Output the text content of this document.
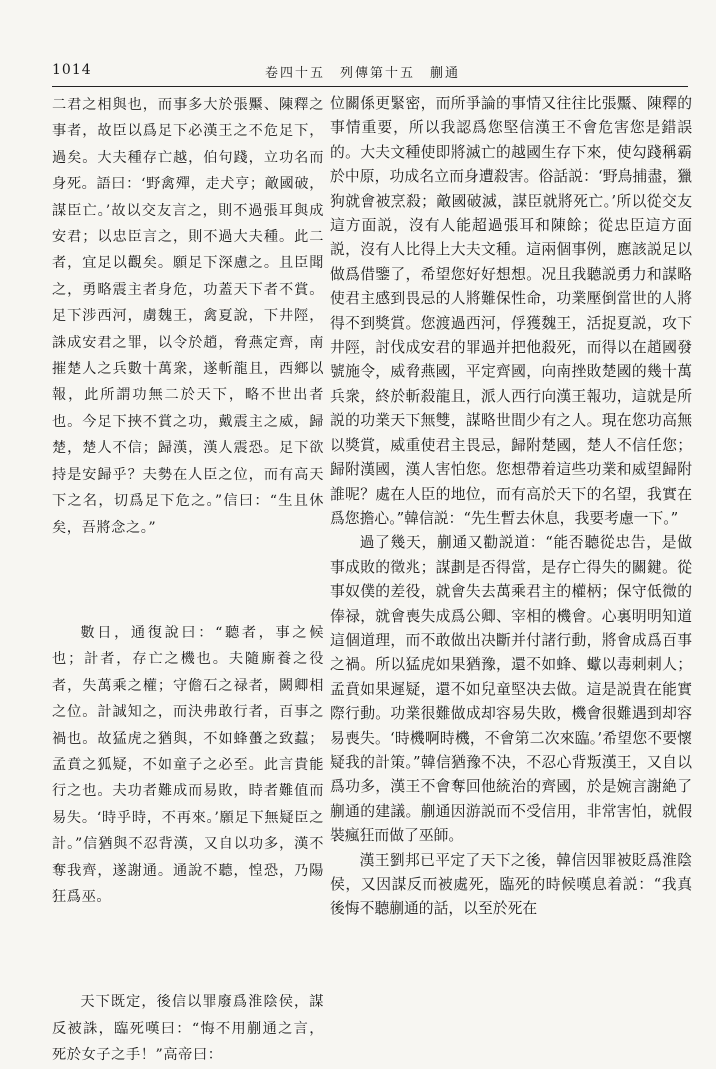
1014	卷四十五　列傳第十五　蒯通

二君之相與也，而事多大於張黶、陳釋之事者，故臣以爲足下必漢王之不危足下，過矣。大夫種存亡越，伯句踐，立功名而身死。語曰：‘野禽殫，走犬亨；敵國破，謀臣亡。’故以交友言之，則不過張耳與成安君；以忠臣言之，則不過大夫種。此二者，宜足以觀矣。願足下深慮之。且臣聞之，勇略震主者身危，功蓋天下者不賞。足下涉西河，虜魏王，禽夏說，下井陘，誅成安君之罪，以令於趙，脅燕定齊，南摧楚人之兵數十萬衆，遂斬龍且，西鄉以報，此所謂功無二於天下，略不世出者也。今足下挾不賞之功，戴震主之威，歸楚，楚人不信；歸漢，漢人震恐。足下欲持是安歸乎？夫勢在人臣之位，而有高天下之名，切爲足下危之。”信曰：“生且休矣，吾將念之。”

數日，通復說曰：“聽者，事之候也；計者，存亡之機也。夫隨廝養之役者，失萬乘之權；守儋石之禄者，闕卿相之位。計誠知之，而決弗敢行者，百事之禍也。故猛虎之猶與，不如蜂蠆之致蠚；孟賁之狐疑，不如童子之必至。此言貴能行之也。夫功者難成而易敗，時者難值而易失。‘時乎時，不再來。’願足下無疑臣之計。”信猶與不忍背漢，又自以功多，漢不奪我齊，遂謝通。通說不聽，惶恐，乃陽狂爲巫。

天下既定，後信以罪廢爲淮陰侯，謀反被誅，臨死嘆曰：“悔不用蒯通之言，死於女子之手！”高帝曰：

位關係更緊密，而所爭論的事情又往往比張黶、陳釋的事情重要，所以我認爲您堅信漢王不會危害您是錯誤的。大夫文種使即將滅亡的越國生存下來，使勾踐稱霸於中原，功成名立而身遭殺害。俗話説：‘野鳥捕盡，獵狗就會被烹殺；敵國破滅，謀臣就將死亡。’所以從交友這方面説，沒有人能超過張耳和陳餘；從忠臣這方面説，沒有人比得上大夫文種。這兩個事例，應該説足以做爲借鑒了，希望您好好想想。况且我聽説勇力和謀略使君主感到畏忌的人將難保性命，功業壓倒當世的人將得不到獎賞。您渡過西河，俘獲魏王，活捉夏説，攻下井陘，討伐成安君的罪過并把他殺死，而得以在趙國發號施令，威脅燕國，平定齊國，向南挫敗楚國的幾十萬兵衆，終於斬殺龍且，派人西行向漢王報功，這就是所説的功業天下無雙，謀略世間少有之人。現在您功高無以獎賞，威重使君主畏忌，歸附楚國，楚人不信任您；歸附漢國，漢人害怕您。您想帶着這些功業和威望歸附誰呢？處在人臣的地位，而有高於天下的名望，我實在爲您擔心。”韓信説：“先生暫去休息，我要考慮一下。”

過了幾天，蒯通又勸説道：“能否聽從忠告，是做事成敗的徵兆；謀劃是否得當，是存亡得失的關鍵。從事奴僕的差役，就會失去萬乘君主的權柄；保守低微的俸禄，就會喪失成爲公卿、宰相的機會。心裏明明知道這個道理，而不敢做出决斷并付諸行動，將會成爲百事之禍。所以猛虎如果猶豫，還不如蜂、蠍以毒刺刺人；孟賁如果遲疑，還不如兒童堅决去做。這是説貴在能實際行動。功業很難做成却容易失敗，機會很難遇到却容易喪失。‘時機啊時機，不會第二次來臨。’希望您不要懷疑我的計策。”韓信猶豫不决，不忍心背叛漢王，又自以爲功多，漢王不會奪回他統治的齊國，於是婉言謝絶了蒯通的建議。蒯通因游説而不受信用，非常害怕，就假裝瘋狂而做了巫師。

漢王劉邦已平定了天下之後，韓信因罪被貶爲淮陰侯，又因謀反而被處死，臨死的時候嘆息着説：“我真後悔不聽蒯通的話，以至於死在
